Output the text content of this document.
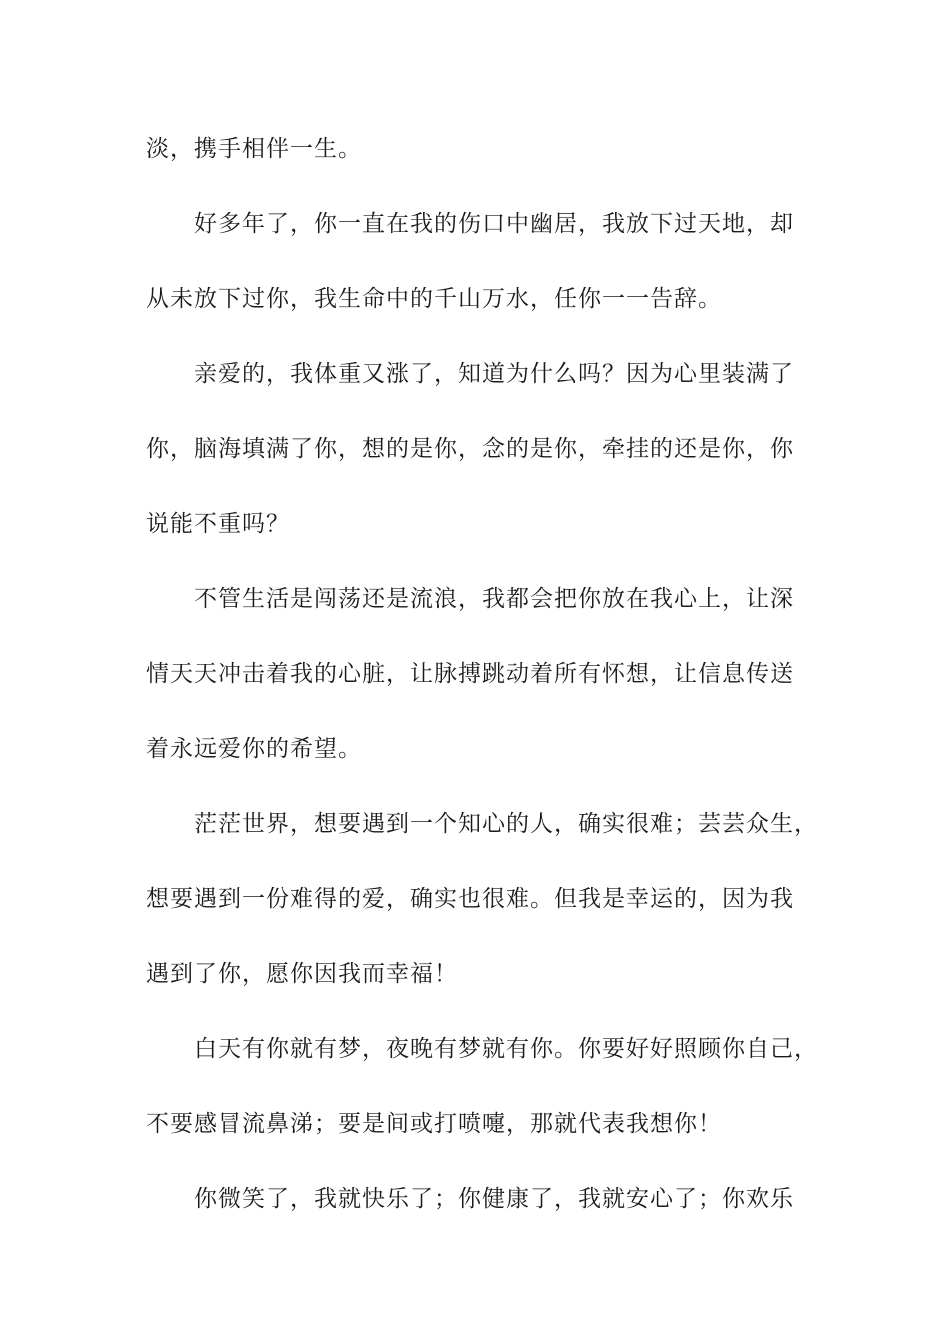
淡，携手相伴一生。
好多年了，你一直在我的伤口中幽居，我放下过天地，却
从未放下过你，我生命中的千山万水，任你一一告辞。
亲爱的，我体重又涨了，知道为什么吗？因为心里装满了
你，脑海填满了你，想的是你，念的是你，牵挂的还是你，你
说能不重吗？
不管生活是闯荡还是流浪，我都会把你放在我心上，让深
情天天冲击着我的心脏，让脉搏跳动着所有怀想，让信息传送
着永远爱你的希望。
茫茫世界，想要遇到一个知心的人，确实很难；芸芸众生，
想要遇到一份难得的爱，确实也很难。但我是幸运的，因为我
遇到了你，愿你因我而幸福！
白天有你就有梦，夜晚有梦就有你。你要好好照顾你自己，
不要感冒流鼻涕；要是间或打喷嚏，那就代表我想你！
你微笑了，我就快乐了；你健康了，我就安心了；你欢乐
